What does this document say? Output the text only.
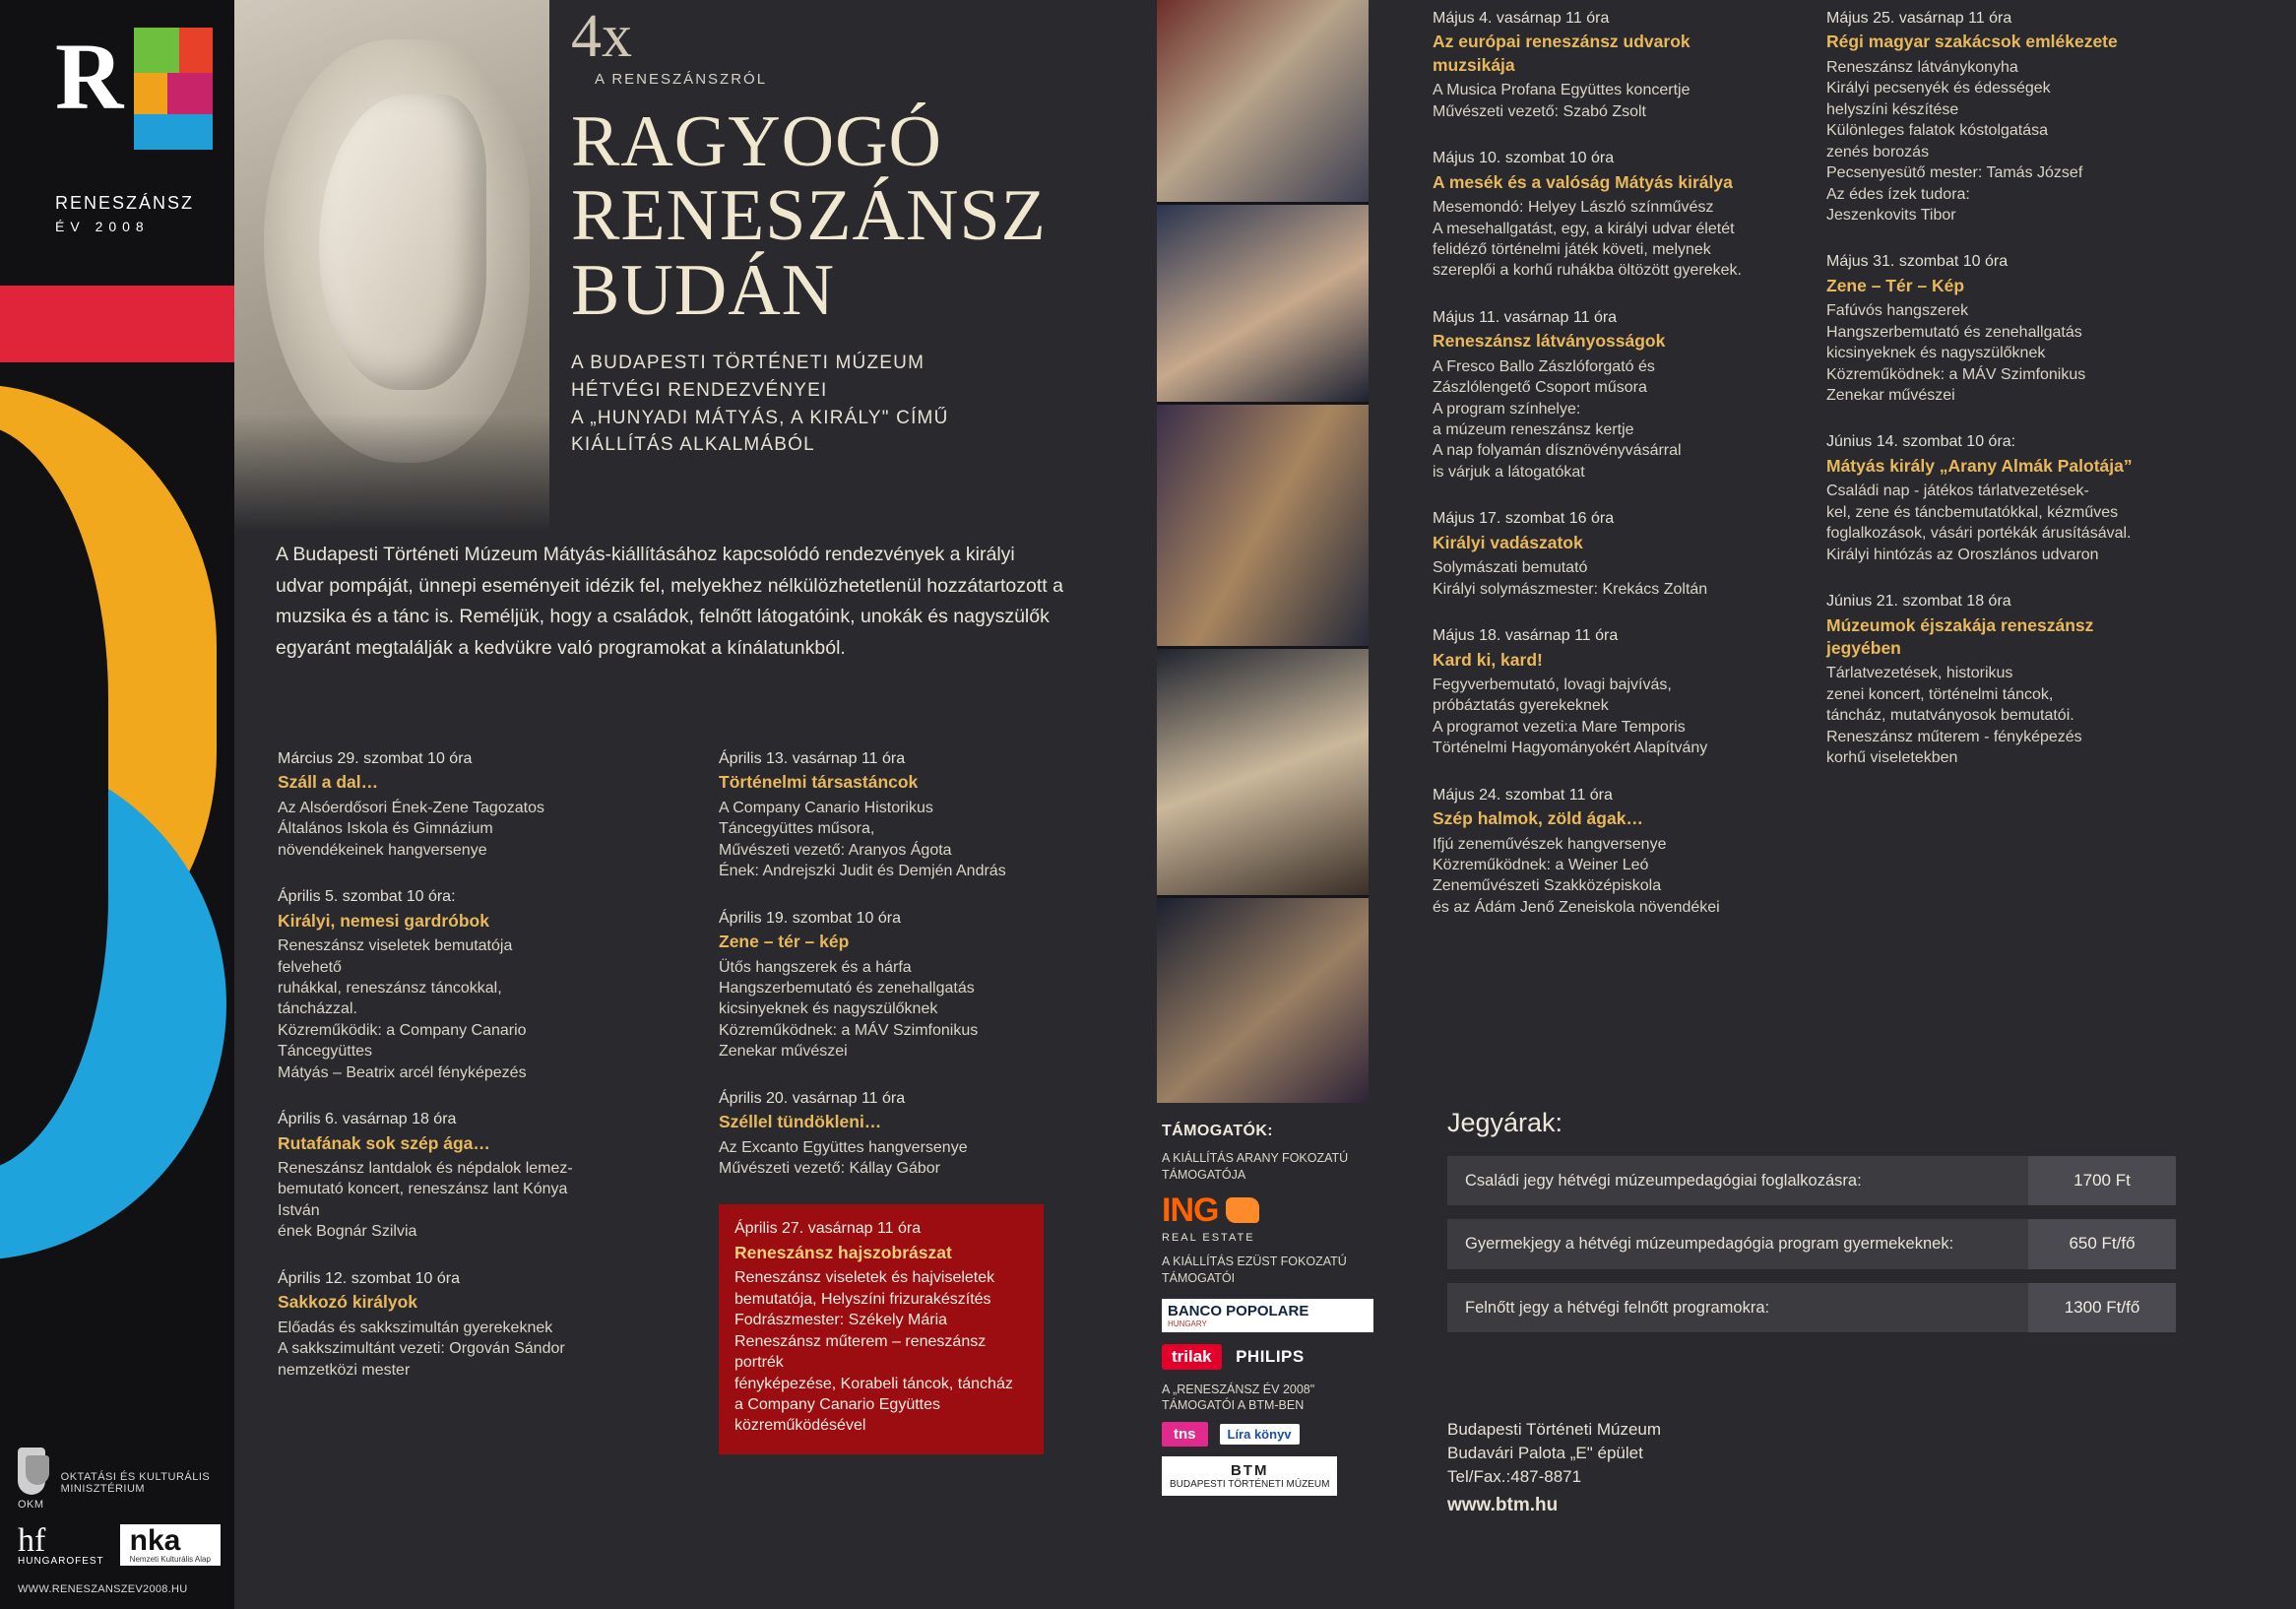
R
RENESZÁNSZ
ÉV 2008
OKTATÁSI ÉS KULTURÁLIS MINISZTÉRIUM
OKM
hf
HUNGAROFEST
nka
Nemzeti Kulturális Alap
WWW.RENESZANSZEV2008.HU
4x
A RENESZÁNSZRÓL
RAGYOGÓ
RENESZÁNSZ
BUDÁN
A BUDAPESTI TÖRTÉNETI MÚZEUM
HÉTVÉGI RENDEZVÉNYEI
A „HUNYADI MÁTYÁS, A KIRÁLY" CÍMŰ
KIÁLLÍTÁS ALKALMÁBÓL
A Budapesti Történeti Múzeum Mátyás-kiállításához kapcsolódó rendezvények a királyi udvar pompáját, ünnepi eseményeit idézik fel, melyekhez nélkülözhetetlenül hozzátartozott a muzsika és a tánc is. Reméljük, hogy a családok, felnőtt látogatóink, unokák és nagyszülők egyaránt megtalálják a kedvükre való programokat a kínálatunkból.
Március 29. szombat 10 óra
Száll a dal…
Az Alsóerdősori Ének-Zene Tagozatos
Általános Iskola és Gimnázium
növendékeinek hangversenye
Április 5. szombat 10 óra:
Királyi, nemesi gardróbok
Reneszánsz viseletek bemutatója felvehető
ruhákkal, reneszánsz táncokkal, táncházzal.
Közreműködik: a Company Canario
Táncegyüttes
Mátyás – Beatrix arcél fényképezés
Április 6. vasárnap 18 óra
Rutafának sok szép ága…
Reneszánsz lantdalok és népdalok lemez-
bemutató koncert, reneszánsz lant Kónya
István
ének Bognár Szilvia
Április 12. szombat 10 óra
Sakkozó királyok
Előadás és sakkszimultán gyerekeknek
A sakkszimultánt vezeti: Orgován Sándor
nemzetközi mester
Április 13. vasárnap 11 óra
Történelmi társastáncok
A Company Canario Historikus
Táncegyüttes műsora,
Művészeti vezető: Aranyos Ágota
Ének: Andrejszki Judit és Demjén András
Április 19. szombat 10 óra
Zene – tér – kép
Ütős hangszerek és a hárfa
Hangszerbemutató és zenehallgatás
kicsinyeknek és nagyszülőknek
Közreműködnek: a MÁV Szimfonikus
Zenekar művészei
Április 20. vasárnap 11 óra
Széllel tündökleni…
Az Excanto Együttes hangversenye
Művészeti vezető: Kállay Gábor
Április 27. vasárnap 11 óra
Reneszánsz hajszobrászat
Reneszánsz viseletek és hajviseletek
bemutatója, Helyszíni frizurakészítés
Fodrászmester: Székely Mária
Reneszánsz műterem – reneszánsz portrék
fényképezése, Korabeli táncok, táncház
a Company Canario Együttes
közreműködésével
Május 4. vasárnap 11 óra
Az európai reneszánsz udvarok muzsikája
A Musica Profana Együttes koncertje
Művészeti vezető: Szabó Zsolt
Május 10. szombat 10 óra
A mesék és a valóság Mátyás királya
Mesemondó: Helyey László színművész
A mesehallgatást, egy, a királyi udvar életét
felidéző történelmi játék követi, melynek
szereplői a korhű ruhákba öltözött gyerekek.
Május 11. vasárnap 11 óra
Reneszánsz látványosságok
A Fresco Ballo Zászlóforgató és
Zászlólengető Csoport műsora
A program színhelye:
a múzeum reneszánsz kertje
A nap folyamán dísznövényvásárral
is várjuk a látogatókat
Május 17. szombat 16 óra
Királyi vadászatok
Solymászati bemutató
Királyi solymászmester: Krekács Zoltán
Május 18. vasárnap 11 óra
Kard ki, kard!
Fegyverbemutató, lovagi bajvívás,
próbáztatás gyerekeknek
A programot vezeti:a Mare Temporis
Történelmi Hagyományokért Alapítvány
Május 24. szombat 11 óra
Szép halmok, zöld ágak…
Ifjú zeneművészek hangversenye
Közreműködnek: a Weiner Leó
Zeneművészeti Szakközépiskola
és az Ádám Jenő Zeneiskola növendékei
Május 25. vasárnap 11 óra
Régi magyar szakácsok emlékezete
Reneszánsz látványkonyha
Királyi pecsenyék és édességek
helyszíni készítése
Különleges falatok kóstolgatása
zenés borozás
Pecsenyesütő mester: Tamás József
Az édes ízek tudora:
Jeszenkovits Tibor
Május 31. szombat 10 óra
Zene – Tér – Kép
Fafúvós hangszerek
Hangszerbemutató és zenehallgatás
kicsinyeknek és nagyszülőknek
Közreműködnek: a MÁV Szimfonikus
Zenekar művészei
Június 14. szombat 10 óra:
Mátyás király „Arany Almák Palotája”
Családi nap - játékos tárlatvezetések-
kel, zene és táncbemutatókkal, kézműves
foglalkozások, vásári portékák árusításával.
Királyi hintózás az Oroszlános udvaron
Június 21. szombat 18 óra
Múzeumok éjszakája reneszánsz jegyében
Tárlatvezetések, historikus
zenei koncert, történelmi táncok,
táncház, mutatványosok bemutatói.
Reneszánsz műterem - fényképezés
korhű viseletekben
TÁMOGATÓK:
A KIÁLLÍTÁS ARANY FOKOZATÚ TÁMOGATÓJA
ING
REAL ESTATE
A KIÁLLÍTÁS EZÜST FOKOZATÚ TÁMOGATÓI
BANCO POPOLARE
HUNGARY
trilak PHILIPS
A „RENESZÁNSZ ÉV 2008" TÁMOGATÓI A BTM-BEN
tns	Líra könyv
BTM
BUDAPESTI TÖRTÉNETI MÚZEUM
Jegyárak:
Családi jegy hétvégi múzeumpedagógiai foglalkozásra:	1700 Ft
Gyermekjegy a hétvégi múzeumpedagógia program gyermekeknek:	650 Ft/fő
Felnőtt jegy a hétvégi felnőtt programokra:	1300 Ft/fő
Budapesti Történeti Múzeum
Budavári Palota „E" épület
Tel/Fax.:487-8871
www.btm.hu
